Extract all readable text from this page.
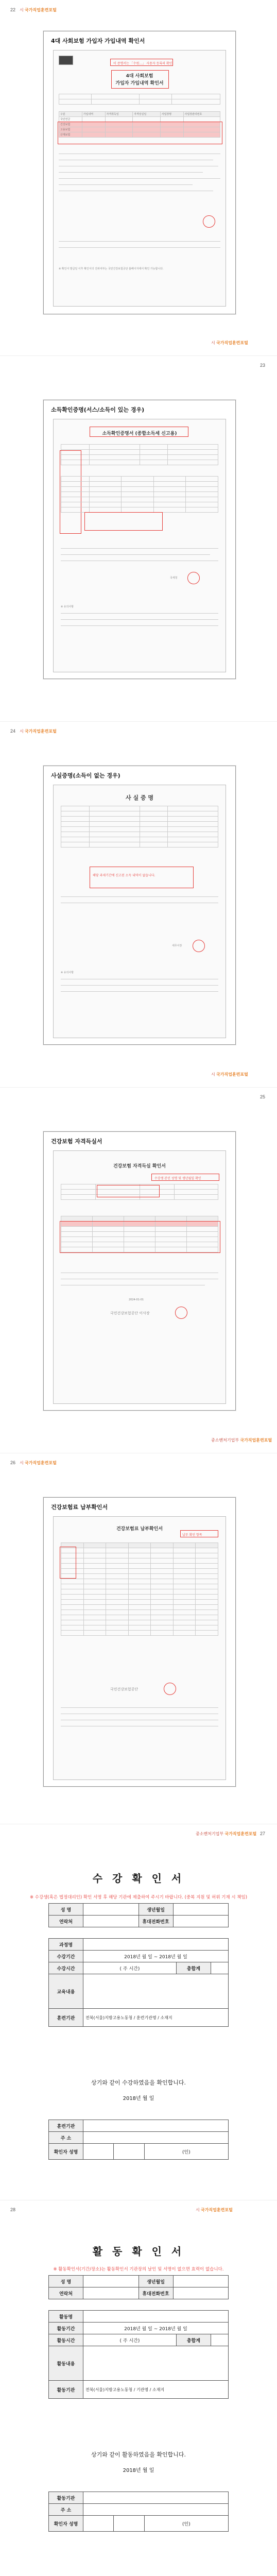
22 시 국가직업훈련포털
4대 사회보험 가입자 가입내역 확인서
이 증명서는 「수원…」 사용자 등록의 확인
4대 사회보험
가입자 가입내역 확인서

구분	가입내역	자격취득일	자격상실일	사업장명	사업장관리번호
국민연금					
건강보험					
고용보험					
산재보험					
※ 확인서 발급일 이후 확인서의 진위여부는 국민건강보험공단 홈페이지에서 확인 가능합니다.
시 국가직업훈련포털
23
소득확인증명(서스/소득이 있는 경우)
소득확인증명서 (종합소득세 신고용)

국세청
※ 유의사항
24 시 국가직업훈련포털
사실증명(소득이 없는 경우)
사 실 증 명

해당 과세기간에 신고된 소득 내역이 없습니다.
세무서장
※ 유의사항
시 국가직업훈련포털
25
건강보험 자격득실서
건강보험 자격득실 확인서
수강생 본인 성명 및 생년월일 확인

2024-01-01
국민건강보험공단 이사장
중소벤처기업부 국가직업훈련포털
26 시 국가직업훈련포털
건강보험료 납부확인서
건강보험료 납부확인서
납부 확인 항목

국민건강보험공단
중소벤처기업부 국가직업훈련포털 27
수 강 확 인 서
※ 수강생(혹은 법정대리인) 확인 서명 후 해당 기관에 제출하여 주시기 바랍니다. (중복 지원 및 허위 기재 시 책임)
성 명		생년월일	
연락처		휴대전화번호	
과정명			
수강기간	2018년 월 일 ~ 2018년 월 일		
수강시간	( 주 시간)	총합계	
교육내용			
훈련기관	전북(서울)지방고용노동청 / 훈련기관명 / 소재지		
상기와 같이 수강하였음을 확인합니다.
2018년 월 일
훈련기관			
주 소			
확인자 성명			(인)
28	시 국가직업훈련포털
활 동 확 인 서
※ 활동확인서(기간/장소)는 활동확인서 기관장의 날인 및 서명이 없으면 효력이 없습니다.
성 명		생년월일	
연락처		휴대전화번호	
활동명			
활동기간	2018년 월 일 ~ 2018년 월 일		
활동시간	( 주 시간)	총합계	
활동내용			
활동기관	전북(서울)지방고용노동청 / 기관명 / 소재지		
상기와 같이 활동하였음을 확인합니다.
2018년 월 일
활동기관			
주 소			
확인자 성명			(인)
